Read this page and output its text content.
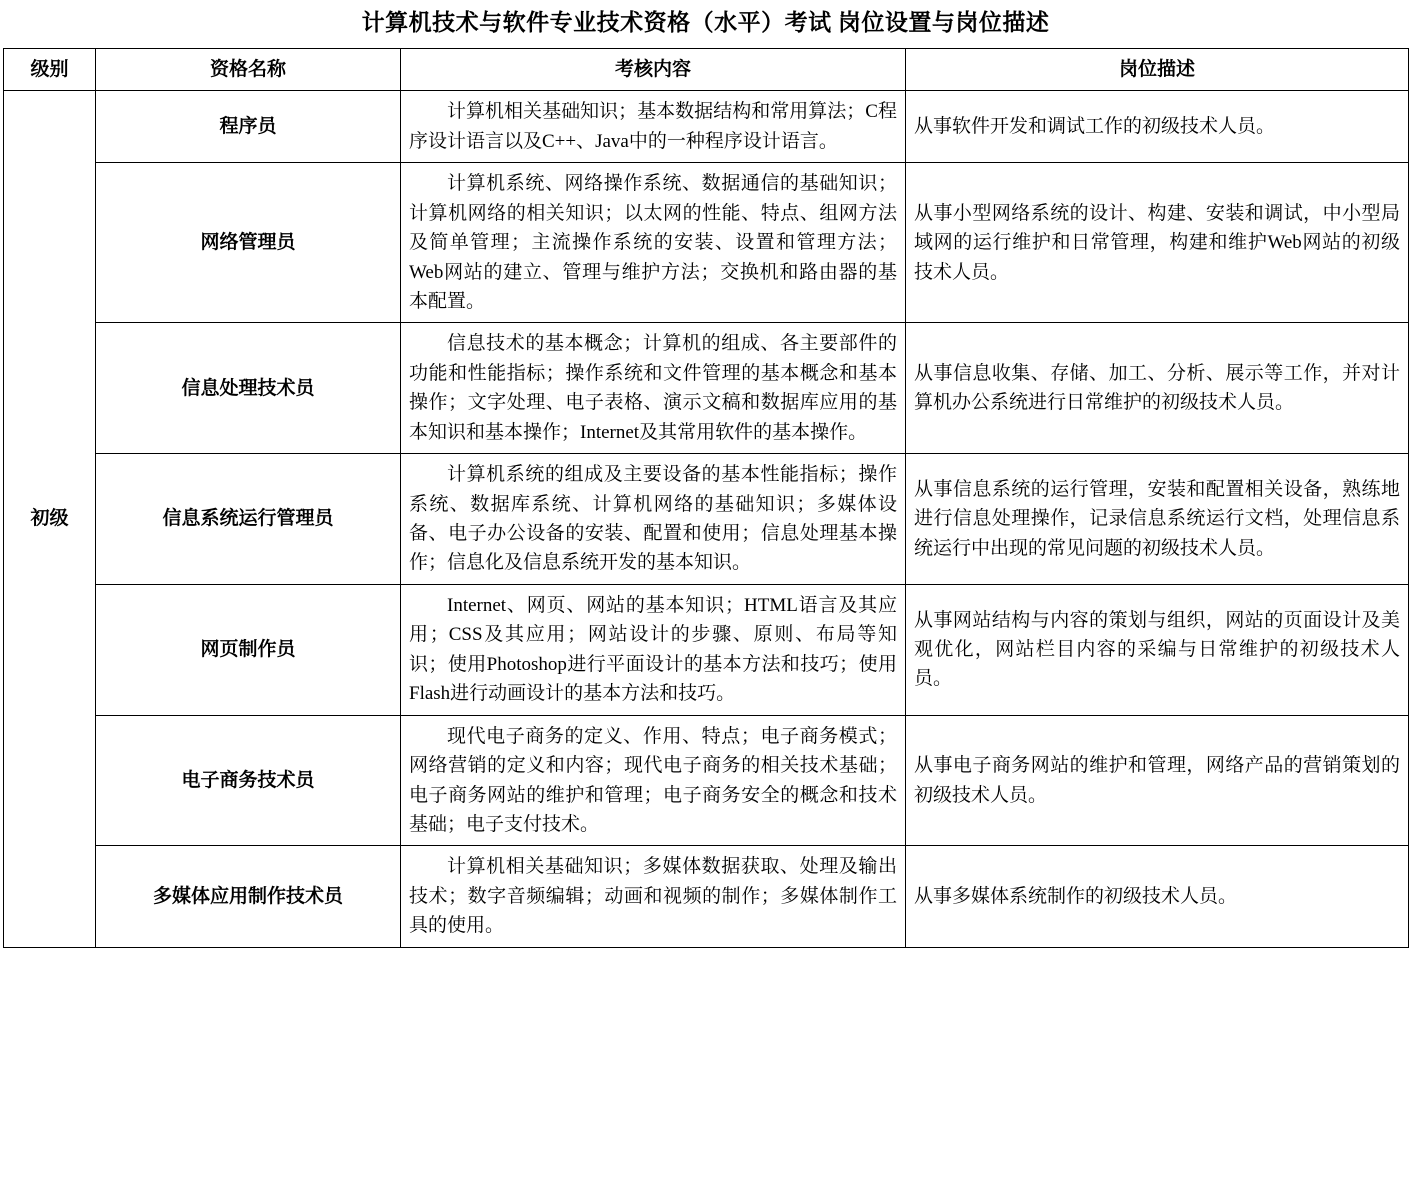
计算机技术与软件专业技术资格（水平）考试 岗位设置与岗位描述
级别	资格名称	考核内容	岗位描述
初级	程序员	计算机相关基础知识；基本数据结构和常用算法；C程序设计语言以及C++、Java中的一种程序设计语言。	从事软件开发和调试工作的初级技术人员。
	网络管理员	计算机系统、网络操作系统、数据通信的基础知识；计算机网络的相关知识；以太网的性能、特点、组网方法及简单管理；主流操作系统的安装、设置和管理方法；Web网站的建立、管理与维护方法；交换机和路由器的基本配置。	从事小型网络系统的设计、构建、安装和调试，中小型局域网的运行维护和日常管理，构建和维护Web网站的初级技术人员。
	信息处理技术员	信息技术的基本概念；计算机的组成、各主要部件的功能和性能指标；操作系统和文件管理的基本概念和基本操作；文字处理、电子表格、演示文稿和数据库应用的基本知识和基本操作；Internet及其常用软件的基本操作。	从事信息收集、存储、加工、分析、展示等工作，并对计算机办公系统进行日常维护的初级技术人员。
	信息系统运行管理员	计算机系统的组成及主要设备的基本性能指标；操作系统、数据库系统、计算机网络的基础知识；多媒体设备、电子办公设备的安装、配置和使用；信息处理基本操作；信息化及信息系统开发的基本知识。	从事信息系统的运行管理，安装和配置相关设备，熟练地进行信息处理操作，记录信息系统运行文档，处理信息系统运行中出现的常见问题的初级技术人员。
	网页制作员	Internet、网页、网站的基本知识；HTML语言及其应用；CSS及其应用；网站设计的步骤、原则、布局等知识；使用Photoshop进行平面设计的基本方法和技巧；使用Flash进行动画设计的基本方法和技巧。	从事网站结构与内容的策划与组织，网站的页面设计及美观优化，网站栏目内容的采编与日常维护的初级技术人员。
	电子商务技术员	现代电子商务的定义、作用、特点；电子商务模式；网络营销的定义和内容；现代电子商务的相关技术基础；电子商务网站的维护和管理；电子商务安全的概念和技术基础；电子支付技术。	从事电子商务网站的维护和管理，网络产品的营销策划的初级技术人员。
	多媒体应用制作技术员	计算机相关基础知识；多媒体数据获取、处理及输出技术；数字音频编辑；动画和视频的制作；多媒体制作工具的使用。	从事多媒体系统制作的初级技术人员。
